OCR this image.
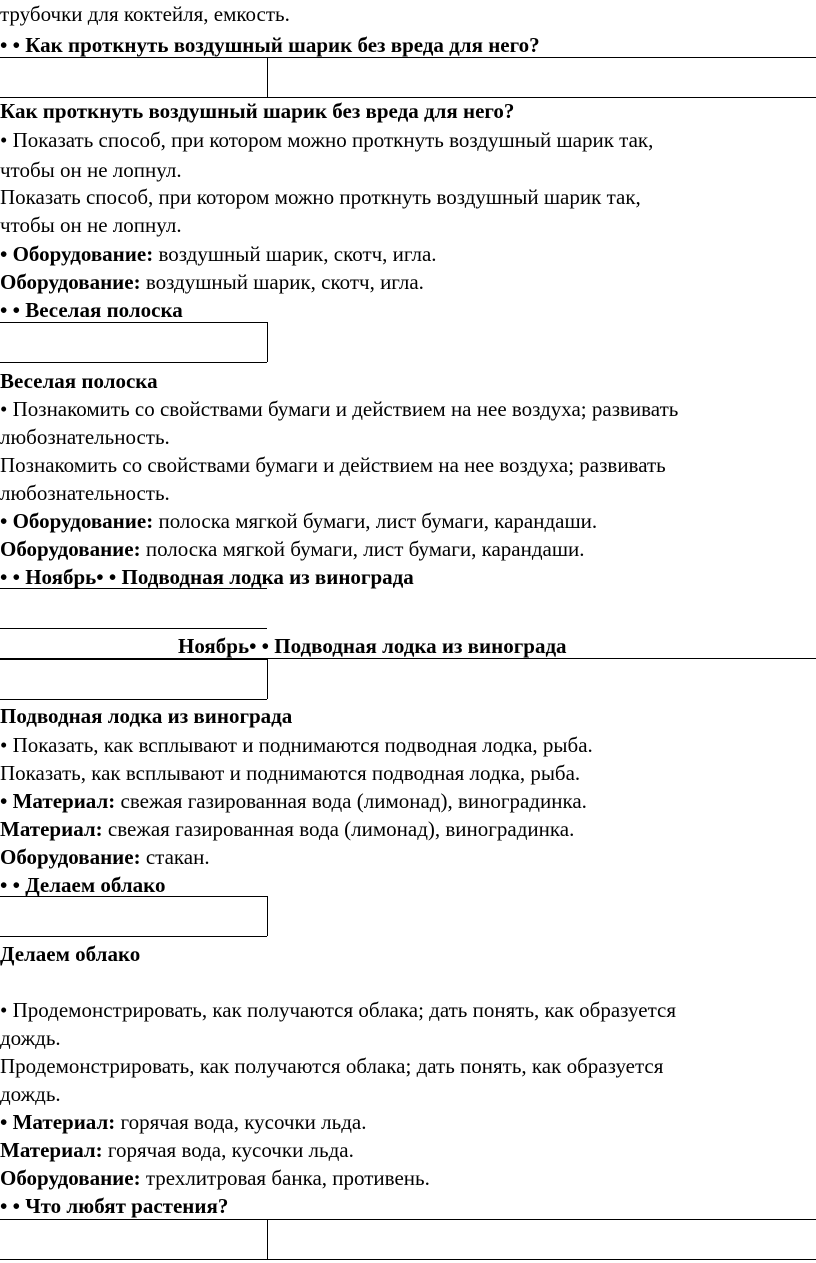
трубочки для коктейля, емкость.
• • Как проткнуть воздушный шарик без вреда для него?
Как проткнуть воздушный шарик без вреда для него?
• Показать способ, при котором можно проткнуть воздушный шарик так,
чтобы он не лопнул.
Показать способ, при котором можно проткнуть воздушный шарик так,
чтобы он не лопнул.
• Оборудование: воздушный шарик, скотч, игла.
Оборудование: воздушный шарик, скотч, игла.
• • Веселая полоска
Веселая полоска
• Познакомить со свойствами бумаги и действием на нее воздуха; развивать
любознательность.
Познакомить со свойствами бумаги и действием на нее воздуха; развивать
любознательность.
• Оборудование: полоска мягкой бумаги, лист бумаги, карандаши.
Оборудование: полоска мягкой бумаги, лист бумаги, карандаши.
• • Ноябрь• • Подводная лодка из винограда
Ноябрь• • Подводная лодка из винограда
Подводная лодка из винограда
• Показать, как всплывают и поднимаются подводная лодка, рыба.
Показать, как всплывают и поднимаются подводная лодка, рыба.
• Материал: свежая газированная вода (лимонад), виноградинка.
Материал: свежая газированная вода (лимонад), виноградинка.
Оборудование: стакан.
• • Делаем облако
Делаем облако
• Продемонстрировать, как получаются облака; дать понять, как образуется
дождь.
Продемонстрировать, как получаются облака; дать понять, как образуется
дождь.
• Материал: горячая вода, кусочки льда.
Материал: горячая вода, кусочки льда.
Оборудование: трехлитровая банка, противень.
• • Что любят растения?
